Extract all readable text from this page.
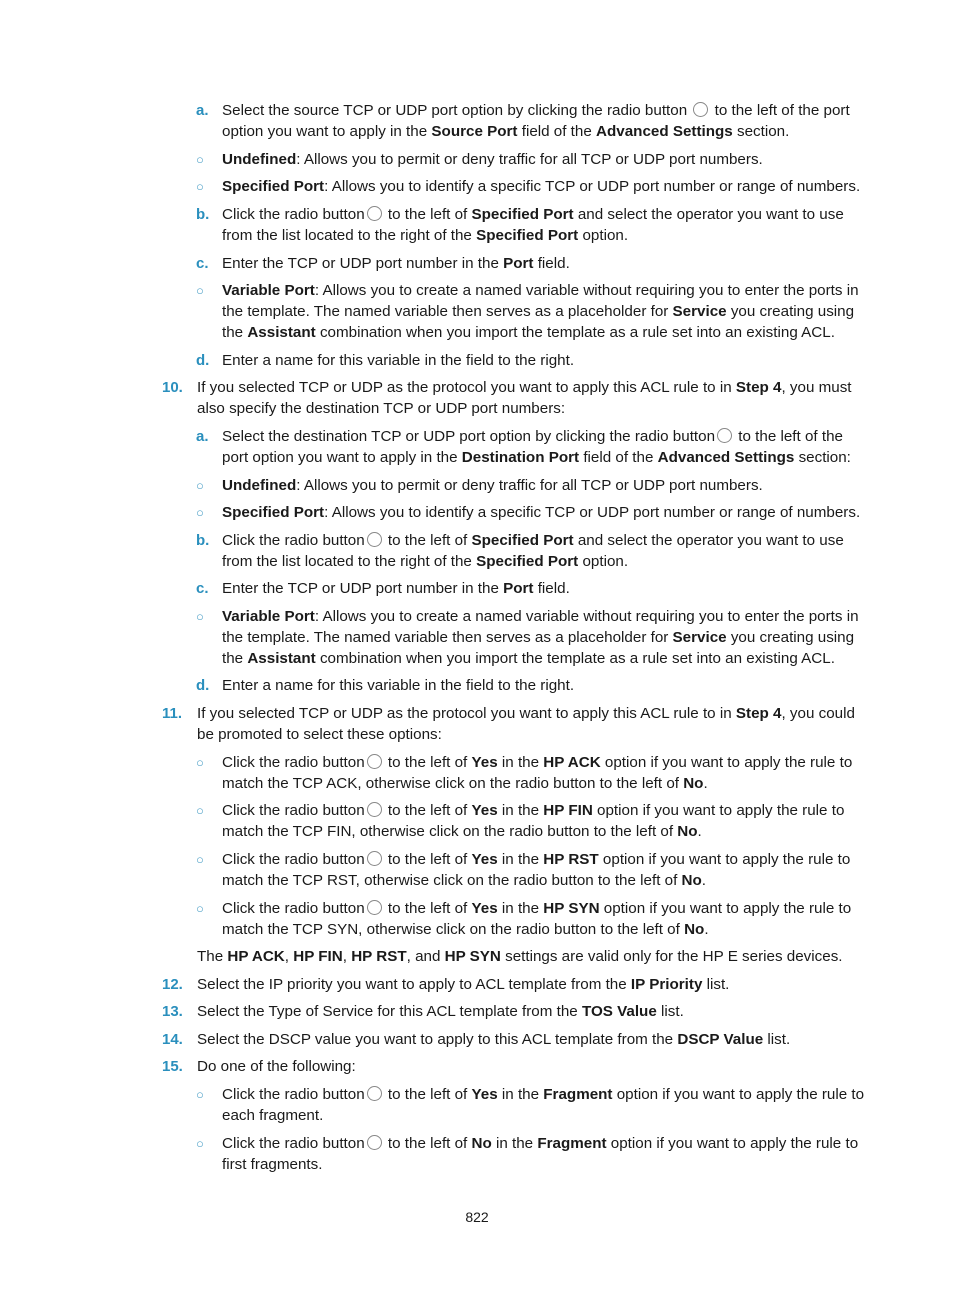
a. Select the source TCP or UDP port option by clicking the radio button  to the left of the port option you want to apply in the Source Port field of the Advanced Settings section.
○ Undefined: Allows you to permit or deny traffic for all TCP or UDP port numbers.
○ Specified Port: Allows you to identify a specific TCP or UDP port number or range of numbers.
b. Click the radio button to the left of Specified Port and select the operator you want to use from the list located to the right of the Specified Port option.
c. Enter the TCP or UDP port number in the Port field.
○ Variable Port: Allows you to create a named variable without requiring you to enter the ports in the template. The named variable then serves as a placeholder for Service you creating using the Assistant combination when you import the template as a rule set into an existing ACL.
d. Enter a name for this variable in the field to the right.
10. If you selected TCP or UDP as the protocol you want to apply this ACL rule to in Step 4, you must also specify the destination TCP or UDP port numbers:
a. Select the destination TCP or UDP port option by clicking the radio button to the left of the port option you want to apply in the Destination Port field of the Advanced Settings section:
○ Undefined: Allows you to permit or deny traffic for all TCP or UDP port numbers.
○ Specified Port: Allows you to identify a specific TCP or UDP port number or range of numbers.
b. Click the radio button to the left of Specified Port and select the operator you want to use from the list located to the right of the Specified Port option.
c. Enter the TCP or UDP port number in the Port field.
○ Variable Port: Allows you to create a named variable without requiring you to enter the ports in the template. The named variable then serves as a placeholder for Service you creating using the Assistant combination when you import the template as a rule set into an existing ACL.
d. Enter a name for this variable in the field to the right.
11. If you selected TCP or UDP as the protocol you want to apply this ACL rule to in Step 4, you could be promoted to select these options:
○ Click the radio button to the left of Yes in the HP ACK option if you want to apply the rule to match the TCP ACK, otherwise click on the radio button to the left of No.
○ Click the radio button to the left of Yes in the HP FIN option if you want to apply the rule to match the TCP FIN, otherwise click on the radio button to the left of No.
○ Click the radio button to the left of Yes in the HP RST option if you want to apply the rule to match the TCP RST, otherwise click on the radio button to the left of No.
○ Click the radio button to the left of Yes in the HP SYN option if you want to apply the rule to match the TCP SYN, otherwise click on the radio button to the left of No.
The HP ACK, HP FIN, HP RST, and HP SYN settings are valid only for the HP E series devices.
12. Select the IP priority you want to apply to ACL template from the IP Priority list.
13. Select the Type of Service for this ACL template from the TOS Value list.
14. Select the DSCP value you want to apply to this ACL template from the DSCP Value list.
15. Do one of the following:
○ Click the radio button to the left of Yes in the Fragment option if you want to apply the rule to each fragment.
○ Click the radio button to the left of No in the Fragment option if you want to apply the rule to first fragments.
822
